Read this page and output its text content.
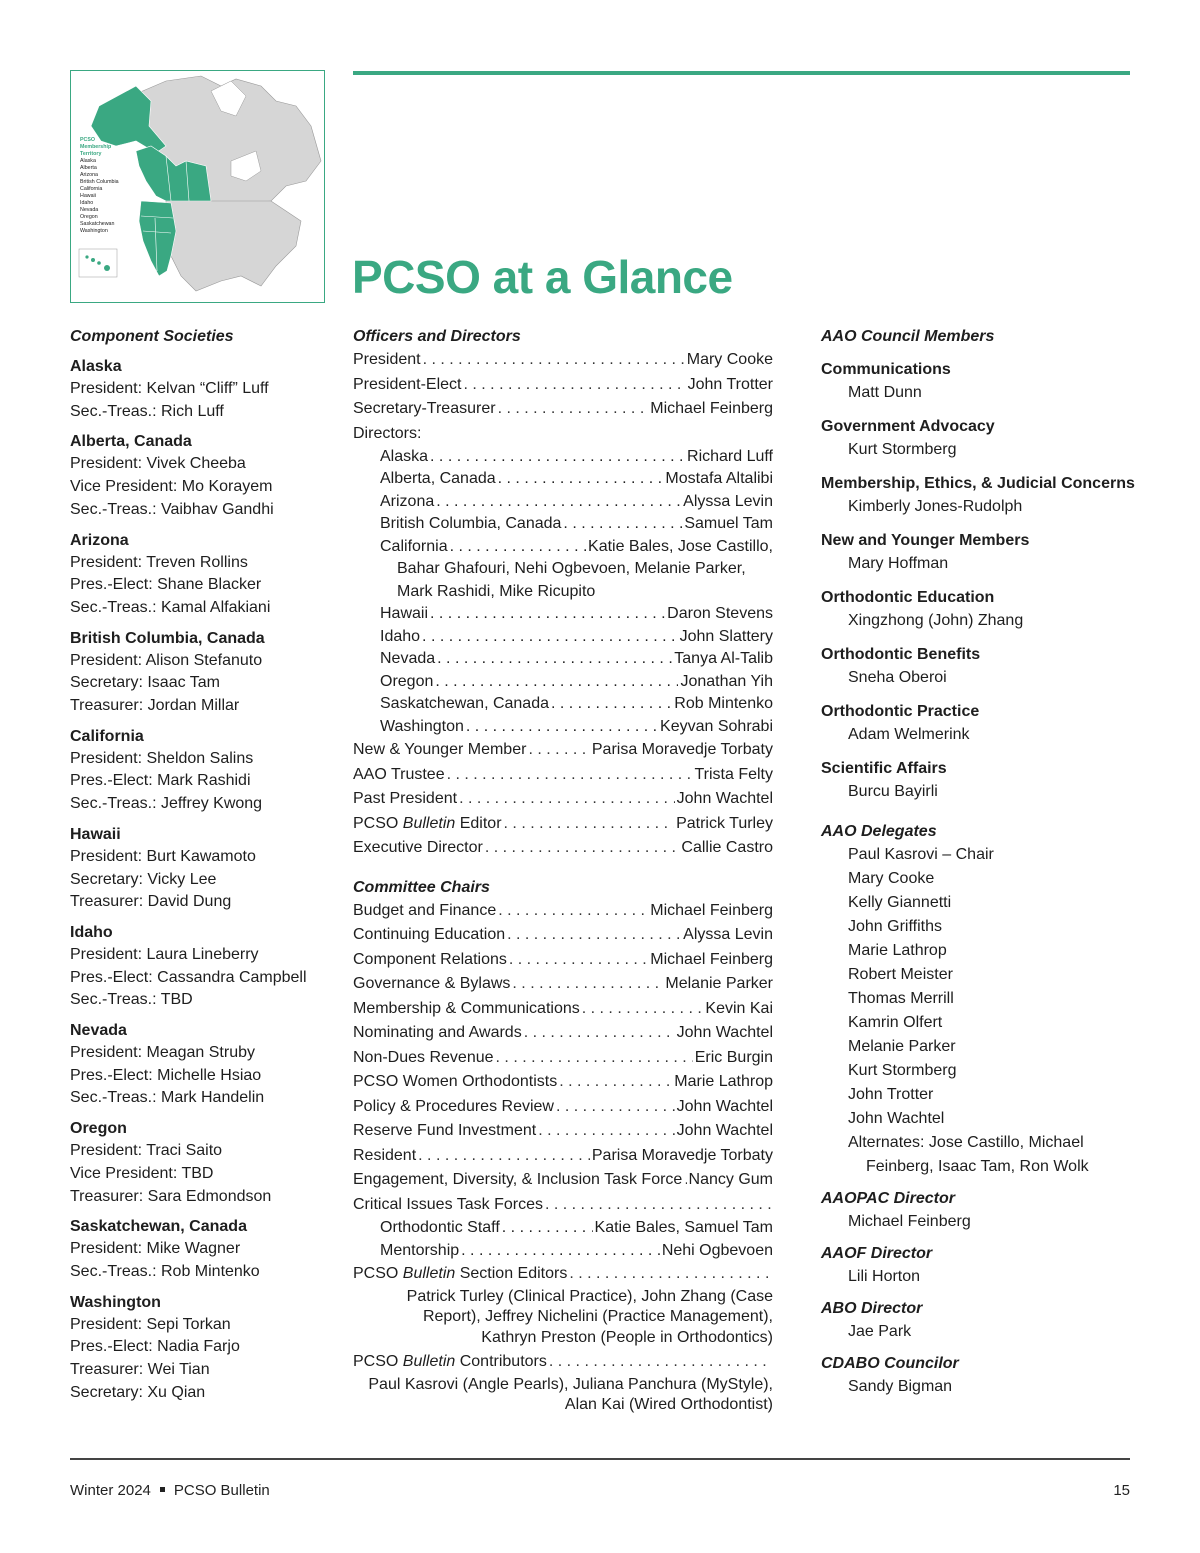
PCSO
Membership
Territory
Alaska
Alberta
Arizona
British Columbia
California
Hawaii
Idaho
Nevada
Oregon
Saskatchewan
Washington
PCSO at a Glance

Component Societies

Alaska
President: Kelvan “Cliff” Luff
Sec.-Treas.: Rich Luff
Alberta, Canada
President: Vivek Cheeba
Vice President: Mo Korayem
Sec.-Treas.: Vaibhav Gandhi
Arizona
President: Treven Rollins
Pres.-Elect: Shane Blacker
Sec.-Treas.: Kamal Alfakiani
British Columbia, Canada
President: Alison Stefanuto
Secretary: Isaac Tam
Treasurer: Jordan Millar
California
President: Sheldon Salins
Pres.-Elect: Mark Rashidi
Sec.-Treas.: Jeffrey Kwong
Hawaii
President: Burt Kawamoto
Secretary: Vicky Lee
Treasurer: David Dung
Idaho
President: Laura Lineberry
Pres.-Elect: Cassandra Campbell
Sec.-Treas.: TBD
Nevada
President: Meagan Struby
Pres.-Elect: Michelle Hsiao
Sec.-Treas.: Mark Handelin
Oregon
President: Traci Saito
Vice President: TBD
Treasurer: Sara Edmondson
Saskatchewan, Canada
President: Mike Wagner
Sec.-Treas.: Rob Mintenko
Washington
President: Sepi Torkan
Pres.-Elect: Nadia Farjo
Treasurer: Wei Tian
Secretary: Xu Qian

Officers and Directors

President . . .	Mary Cooke
President-Elect . . .	John Trotter
Secretary-Treasurer . . .	Michael Feinberg
Directors:
Alaska . . .	Richard Luff
Alberta, Canada . . .	Mostafa Altalibi
Arizona . . .	Alyssa Levin
British Columbia, Canada . . .	Samuel Tam
California . . .	Katie Bales, Jose Castillo,
Bahar Ghafouri, Nehi Ogbevoen, Melanie Parker,
Mark Rashidi, Mike Ricupito
Hawaii . . .	Daron Stevens
Idaho . . .	John Slattery
Nevada . . .	Tanya Al-Talib
Oregon . . .	Jonathan Yih
Saskatchewan, Canada . . .	Rob Mintenko
Washington . . .	Keyvan Sohrabi
New & Younger Member . . .	Parisa Moravedje Torbaty
AAO Trustee . . .	Trista Felty
Past President . . .	John Wachtel
PCSO Bulletin Editor . . .	Patrick Turley
Executive Director . . .	Callie Castro

Committee Chairs

Budget and Finance . . .	Michael Feinberg
Continuing Education . . .	Alyssa Levin
Component Relations . . .	Michael Feinberg
Governance & Bylaws . . .	Melanie Parker
Membership & Communications . . .	Kevin Kai
Nominating and Awards . . .	John Wachtel
Non-Dues Revenue . . .	Eric Burgin
PCSO Women Orthodontists . . .	Marie Lathrop
Policy & Procedures Review . . .	John Wachtel
Reserve Fund Investment . . .	John Wachtel
Resident . . .	Parisa Moravedje Torbaty
Engagement, Diversity, & Inclusion Task Force . . . Nancy Gum
Critical Issues Task Forces
. . .
Orthodontic Staff . . .	Katie Bales, Samuel Tam
Mentorship . . .	Nehi Ogbevoen
PCSO Bulletin Section Editors
. . .
Patrick Turley (Clinical Practice), John Zhang (Case
Report), Jeffrey Nichelini (Practice Management),
Kathryn Preston (People in Orthodontics)
PCSO Bulletin Contributors
. . .
Paul Kasrovi (Angle Pearls), Juliana Panchura (MyStyle),
Alan Kai (Wired Orthodontist)

AAO Council Members

Communications
Matt Dunn
Government Advocacy
Kurt Stormberg
Membership, Ethics, & Judicial Concerns
Kimberly Jones-Rudolph
New and Younger Members
Mary Hoffman
Orthodontic Education
Xingzhong (John) Zhang
Orthodontic Benefits
Sneha Oberoi
Orthodontic Practice
Adam Welmerink
Scientific Affairs
Burcu Bayirli

AAO Delegates

Paul Kasrovi – Chair
Mary Cooke
Kelly Giannetti
John Griffiths
Marie Lathrop
Robert Meister
Thomas Merrill
Kamrin Olfert
Melanie Parker
Kurt Stormberg
John Trotter
John Wachtel
Alternates: Jose Castillo, Michael
Feinberg, Isaac Tam, Ron Wolk

AAOPAC Director

Michael Feinberg

AAOF Director

Lili Horton

ABO Director

Jae Park

CDABO Councilor

Sandy Bigman
Winter 2024 PCSO Bulletin	15
